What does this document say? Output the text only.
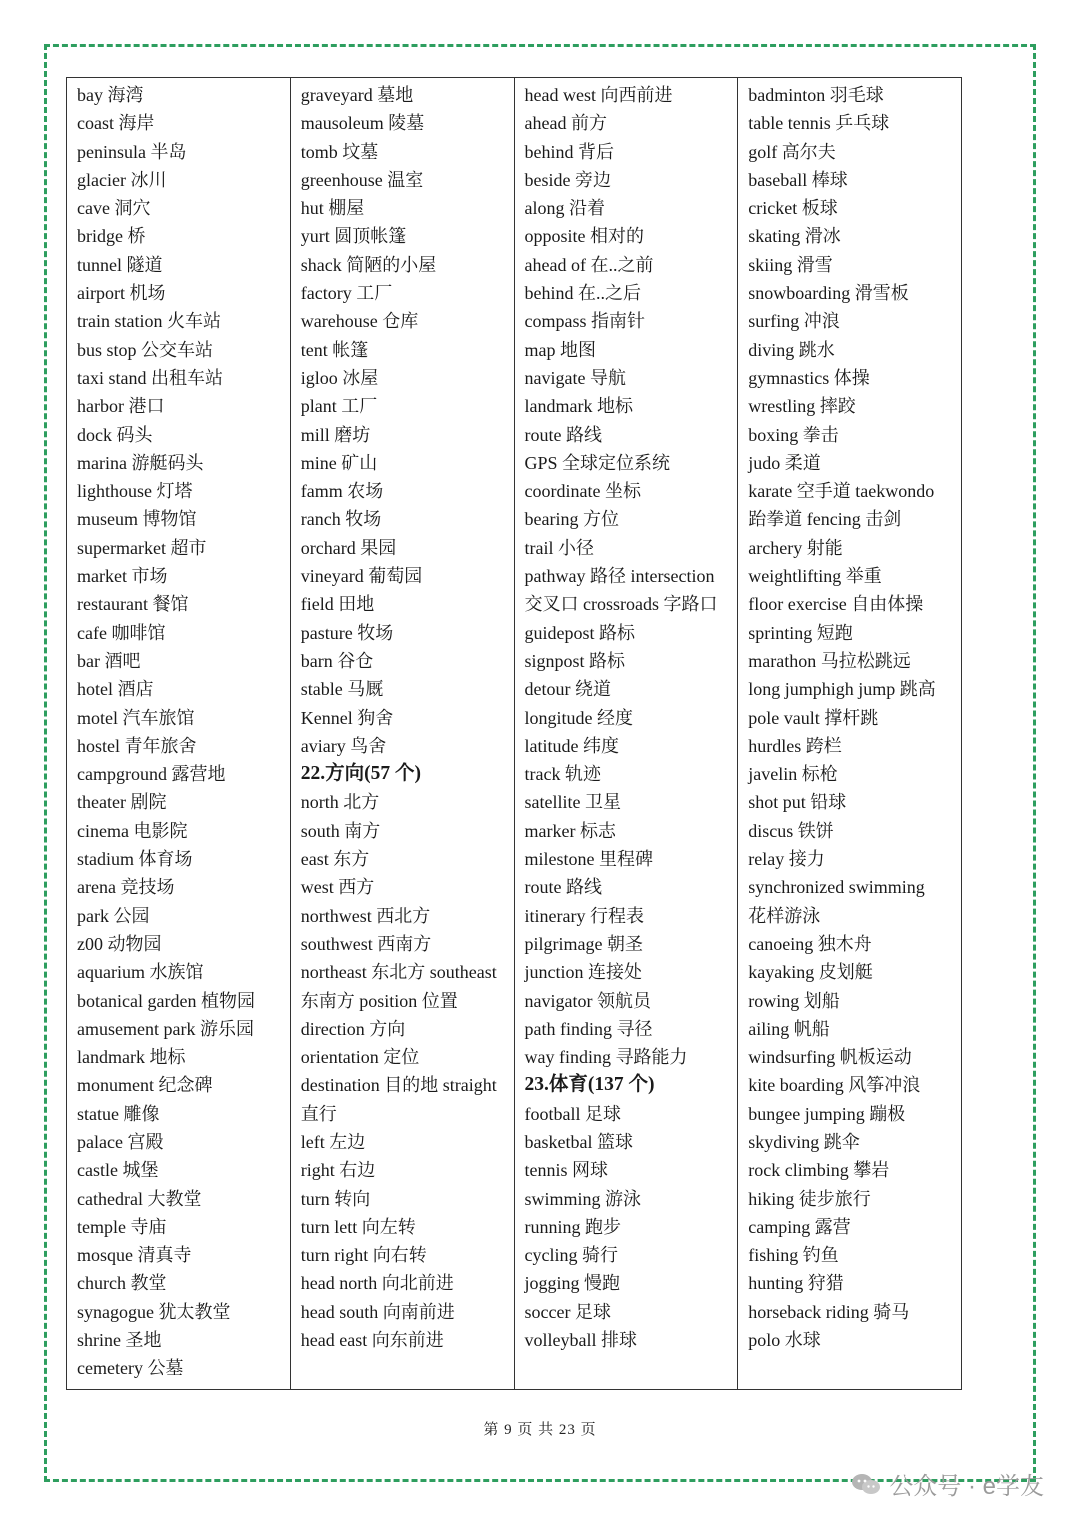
bay 海湾
coast 海岸
peninsula 半岛
glacier 冰川
cave 洞穴
bridge 桥
tunnel 隧道
airport 机场
train station 火车站
bus stop 公交车站
taxi stand 出租车站
harbor 港口
dock 码头
marina 游艇码头
lighthouse 灯塔
museum 博物馆
supermarket 超市
market 市场
restaurant 餐馆
cafe 咖啡馆
bar 酒吧
hotel 酒店
motel 汽车旅馆
hostel 青年旅舍
campground 露营地
theater 剧院
cinema 电影院
stadium 体育场
arena 竞技场
park 公园
z00 动物园
aquarium 水族馆
botanical garden 植物园
amusement park 游乐园
landmark 地标
monument 纪念碑
statue 雕像
palace 宫殿
castle 城堡
cathedral 大教堂
temple 寺庙
mosque 清真寺
church 教堂
synagogue 犹太教堂
shrine 圣地
cemetery 公墓
graveyard 墓地
mausoleum 陵墓
tomb 坟墓
greenhouse 温室
hut 棚屋
yurt 圆顶帐篷
shack 简陋的小屋
factory 工厂
warehouse 仓库
tent 帐篷
igloo 冰屋
plant 工厂
mill 磨坊
mine 矿山
famm 农场
ranch 牧场
orchard 果园
vineyard 葡萄园
field 田地
pasture 牧场
barn 谷仓
stable 马厩
Kennel 狗舍
aviary 鸟舍
22.方向(57 个)
north 北方
south 南方
east 东方
west 西方
northwest 西北方
southwest 西南方
northeast 东北方 southeast
东南方 position 位置
direction 方向
orientation 定位
destination 目的地 straight
直行
left 左边
right 右边
turn 转向
turn lett 向左转
turn right 向右转
head north 向北前进
head south 向南前进
head east 向东前进
head west 向西前进
ahead 前方
behind 背后
beside 旁边
along 沿着
opposite 相对的
ahead of 在..之前
behind 在..之后
compass 指南针
map 地图
navigate 导航
landmark 地标
route 路线
GPS 全球定位系统
coordinate 坐标
bearing 方位
trail 小径
pathway 路径 intersection
交叉口 crossroads 字路口
guidepost 路标
signpost 路标
detour 绕道
longitude 经度
latitude 纬度
track 轨迹
satellite 卫星
marker 标志
milestone 里程碑
route 路线
itinerary 行程表
pilgrimage 朝圣
junction 连接处
navigator 领航员
path finding 寻径
way finding 寻路能力
23.体育(137 个)
football 足球
basketbal 篮球
tennis 网球
swimming 游泳
running 跑步
cycling 骑行
jogging 慢跑
soccer 足球
volleyball 排球
badminton 羽毛球
table tennis 乒乓球
golf 高尔夫
baseball 棒球
cricket 板球
skating 滑冰
skiing 滑雪
snowboarding 滑雪板
surfing 冲浪
diving 跳水
gymnastics 体操
wrestling 摔跤
boxing 拳击
judo 柔道
karate 空手道 taekwondo
跆拳道 fencing 击剑
archery 射能
weightlifting 举重
floor exercise 自由体操
sprinting 短跑
marathon 马拉松跳远
long jumphigh jump 跳高
pole vault 撑杆跳
hurdles 跨栏
javelin 标枪
shot put 铅球
discus 铁饼
relay 接力
synchronized swimming
花样游泳
canoeing 独木舟
kayaking 皮划艇
rowing 划船
ailing 帆船
windsurfing 帆板运动
kite boarding 风筝冲浪
bungee jumping 蹦极
skydiving 跳伞
rock climbing 攀岩
hiking 徒步旅行
camping 露营
fishing 钓鱼
hunting 狩猎
horseback riding 骑马
polo 水球
第 9 页 共 23 页
公众号 · e学友
